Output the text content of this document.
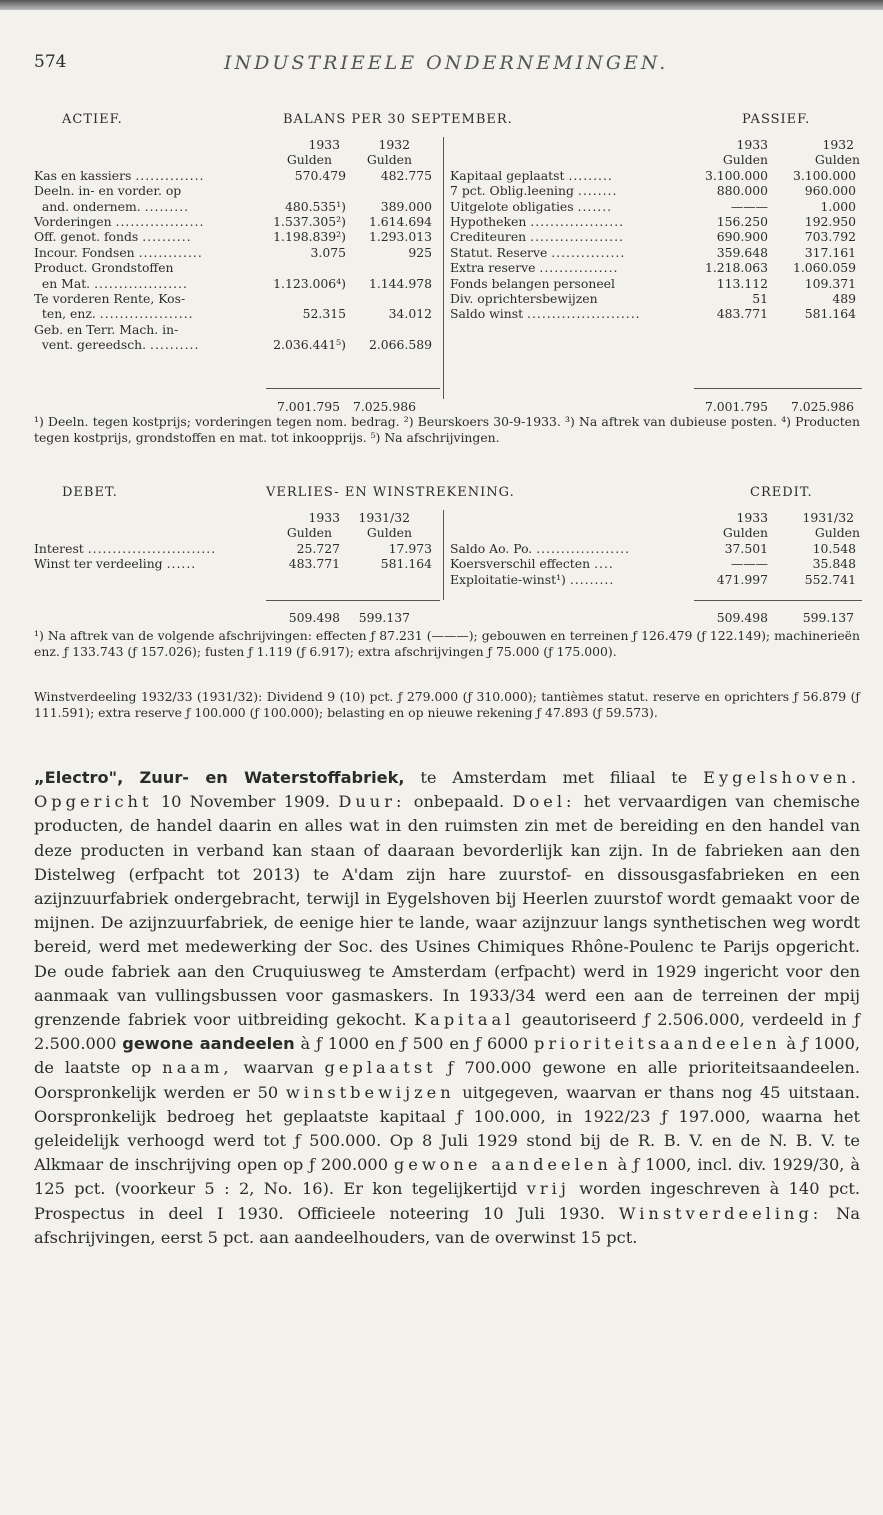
574	INDUSTRIEELE ONDERNEMINGEN.
ACTIEF.	BALANS PER 30 SEPTEMBER.	PASSIEF.
1933	1932
Gulden	Gulden
Kas en kassiers ..............	570.479	482.775
Deeln. in- en vorder. op
and. ondernem. .........	480.535¹)	389.000
Vorderingen ..................	1.537.305²)	1.614.694
Off. genot. fonds ..........	1.198.839²)	1.293.013
Incour. Fondsen .............	3.075	925
Product. Grondstoffen
en Mat. ...................	1.123.006⁴)	1.144.978
Te vorderen Rente, Kos-
ten, enz. ...................	52.315	34.012
Geb. en Terr. Mach. in-
vent. gereedsch. ..........	2.036.441⁵)	2.066.589
1933	1932
Gulden	Gulden
Kapitaal geplaatst .........	3.100.000	3.100.000
7 pct. Oblig.leening ........	880.000	960.000
Uitgelote obligaties .......	———	1.000
Hypotheken ...................	156.250	192.950
Crediteuren ...................	690.900	703.792
Statut. Reserve ...............	359.648	317.161
Extra reserve ................	1.218.063	1.060.059
Fonds belangen personeel	113.112	109.371
Div. oprichtersbewijzen	51	489
Saldo winst .......................	483.771	581.164
7.001.795	7.025.986	7.001.795	7.025.986
¹) Deeln. tegen kostprijs; vorderingen tegen nom. bedrag. ²) Beurskoers 30-9-1933. ³) Na aftrek van dubieuse posten. ⁴) Producten tegen kostprijs, grondstoffen en mat. tot inkoopprijs. ⁵) Na afschrijvingen.
DEBET.	VERLIES- EN WINSTREKENING.	CREDIT.
1933	1931/32
Gulden	Gulden
Interest ..........................	25.727	17.973
Winst ter verdeeling ......	483.771	581.164
1933	1931/32
Gulden	Gulden
Saldo Ao. Po. ...................	37.501	10.548
Koersverschil effecten ....	———	35.848
Exploitatie-winst¹) .........	471.997	552.741
509.498	599.137	509.498	599.137
¹) Na aftrek van de volgende afschrijvingen: effecten ƒ 87.231 (———); gebouwen en terreinen ƒ 126.479 (ƒ 122.149); machinerieën enz. ƒ 133.743 (ƒ 157.026); fusten ƒ 1.119 (ƒ 6.917); extra afschrijvingen ƒ 75.000 (ƒ 175.000).
Winstverdeeling 1932/33 (1931/32): Dividend 9 (10) pct. ƒ 279.000 (ƒ 310.000); tantièmes statut. reserve en oprichters ƒ 56.879 (ƒ 111.591); extra reserve ƒ 100.000 (ƒ 100.000); belasting en op nieuwe rekening ƒ 47.893 (ƒ 59.573).
„Electro", Zuur- en Waterstoffabriek, te Amsterdam met filiaal te Eygelshoven. Opgericht 10 November 1909. Duur: onbepaald. Doel: het vervaardigen van chemische producten, de handel daarin en alles wat in den ruimsten zin met de bereiding en den handel van deze producten in verband kan staan of daaraan bevorderlijk kan zijn. In de fabrieken aan den Distelweg (erfpacht tot 2013) te A'dam zijn hare zuurstof- en dissousgasfabrieken en een azijnzuurfabriek ondergebracht, terwijl in Eygelshoven bij Heerlen zuurstof wordt gemaakt voor de mijnen. De azijnzuurfabriek, de eenige hier te lande, waar azijnzuur langs synthetischen weg wordt bereid, werd met medewerking der Soc. des Usines Chimiques Rhône-Poulenc te Parijs opgericht. De oude fabriek aan den Cruquiusweg te Amsterdam (erfpacht) werd in 1929 ingericht voor den aanmaak van vullingsbussen voor gasmaskers. In 1933/34 werd een aan de terreinen der mpij grenzende fabriek voor uitbreiding gekocht. Kapitaal geautoriseerd ƒ 2.506.000, verdeeld in ƒ 2.500.000 gewone aandeelen à ƒ 1000 en ƒ 500 en ƒ 6000 prioriteitsaandeelen à ƒ 1000, de laatste op naam, waarvan geplaatst ƒ 700.000 gewone en alle prioriteitsaandeelen. Oorspronkelijk werden er 50 winstbewijzen uitgegeven, waarvan er thans nog 45 uitstaan. Oorspronkelijk bedroeg het geplaatste kapitaal ƒ 100.000, in 1922/23 ƒ 197.000, waarna het geleidelijk verhoogd werd tot ƒ 500.000. Op 8 Juli 1929 stond bij de R. B. V. en de N. B. V. te Alkmaar de inschrijving open op ƒ 200.000 gewone aandeelen à ƒ 1000, incl. div. 1929/30, à 125 pct. (voorkeur 5 : 2, No. 16). Er kon tegelijkertijd vrij worden ingeschreven à 140 pct. Prospectus in deel I 1930. Officieele noteering 10 Juli 1930. Winstverdeeling: Na afschrijvingen, eerst 5 pct. aan aandeelhouders, van de overwinst 15 pct.
